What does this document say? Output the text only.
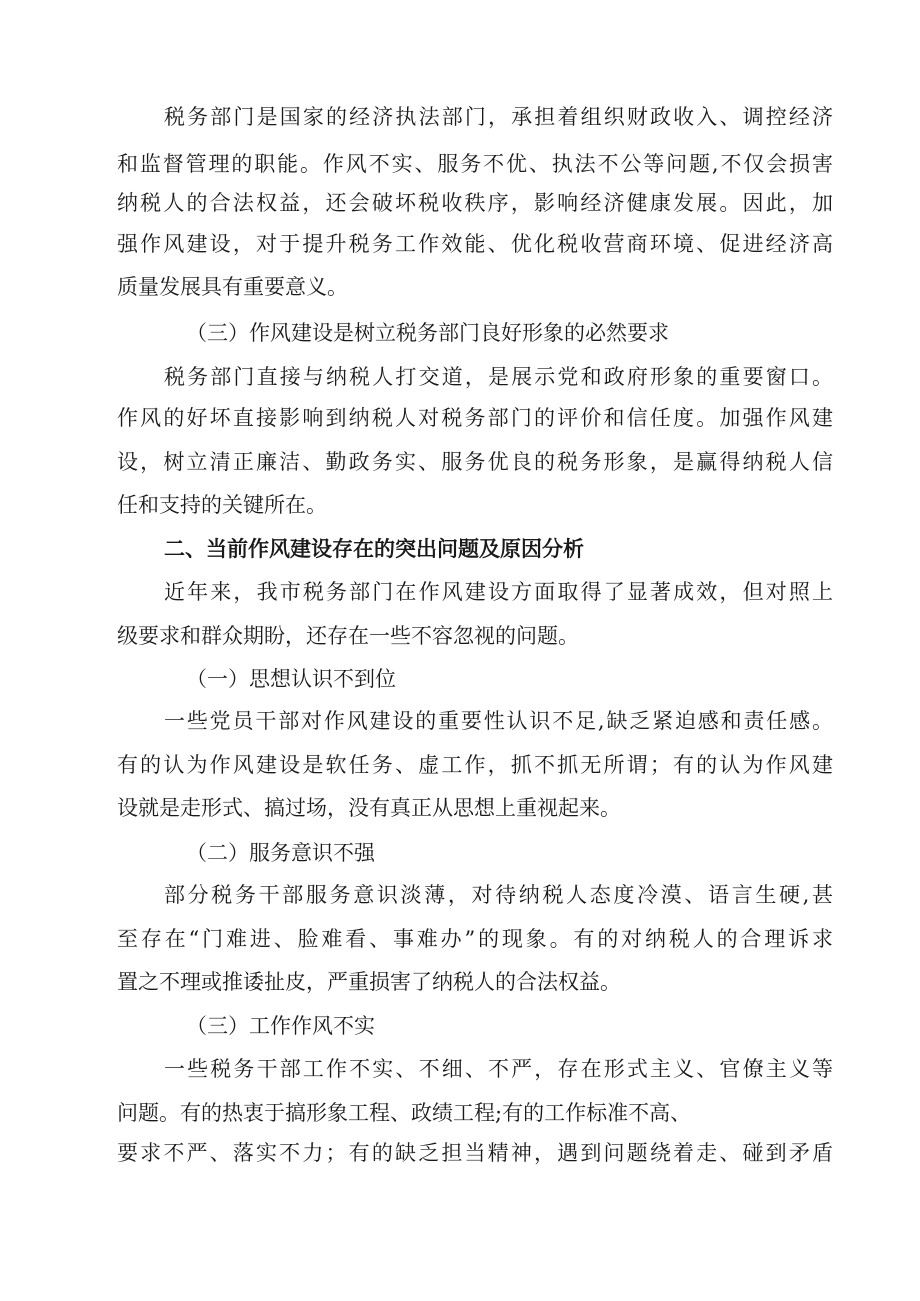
税务部门是国家的经济执法部门，承担着组织财政收入、调控经济
和监督管理的职能。作风不实、服务不优、执法不公等问题,不仅会损害
纳税人的合法权益，还会破坏税收秩序，影响经济健康发展。因此，加
强作风建设，对于提升税务工作效能、优化税收营商环境、促进经济高
质量发展具有重要意义。
（三）作风建设是树立税务部门良好形象的必然要求
税务部门直接与纳税人打交道，是展示党和政府形象的重要窗口。
作风的好坏直接影响到纳税人对税务部门的评价和信任度。加强作风建
设，树立清正廉洁、勤政务实、服务优良的税务形象，是赢得纳税人信
任和支持的关键所在。
二、当前作风建设存在的突出问题及原因分析
近年来，我市税务部门在作风建设方面取得了显著成效，但对照上
级要求和群众期盼，还存在一些不容忽视的问题。
（一）思想认识不到位
一些党员干部对作风建设的重要性认识不足,缺乏紧迫感和责任感。
有的认为作风建设是软任务、虚工作，抓不抓无所谓；有的认为作风建
设就是走形式、搞过场，没有真正从思想上重视起来。
（二）服务意识不强
部分税务干部服务意识淡薄，对待纳税人态度冷漠、语言生硬,甚
至存在“门难进、脸难看、事难办”的现象。有的对纳税人的合理诉求
置之不理或推诿扯皮，严重损害了纳税人的合法权益。
（三）工作作风不实
一些税务干部工作不实、不细、不严，存在形式主义、官僚主义等
问题。有的热衷于搞形象工程、政绩工程;有的工作标准不高、
要求不严、落实不力；有的缺乏担当精神，遇到问题绕着走、碰到矛盾
